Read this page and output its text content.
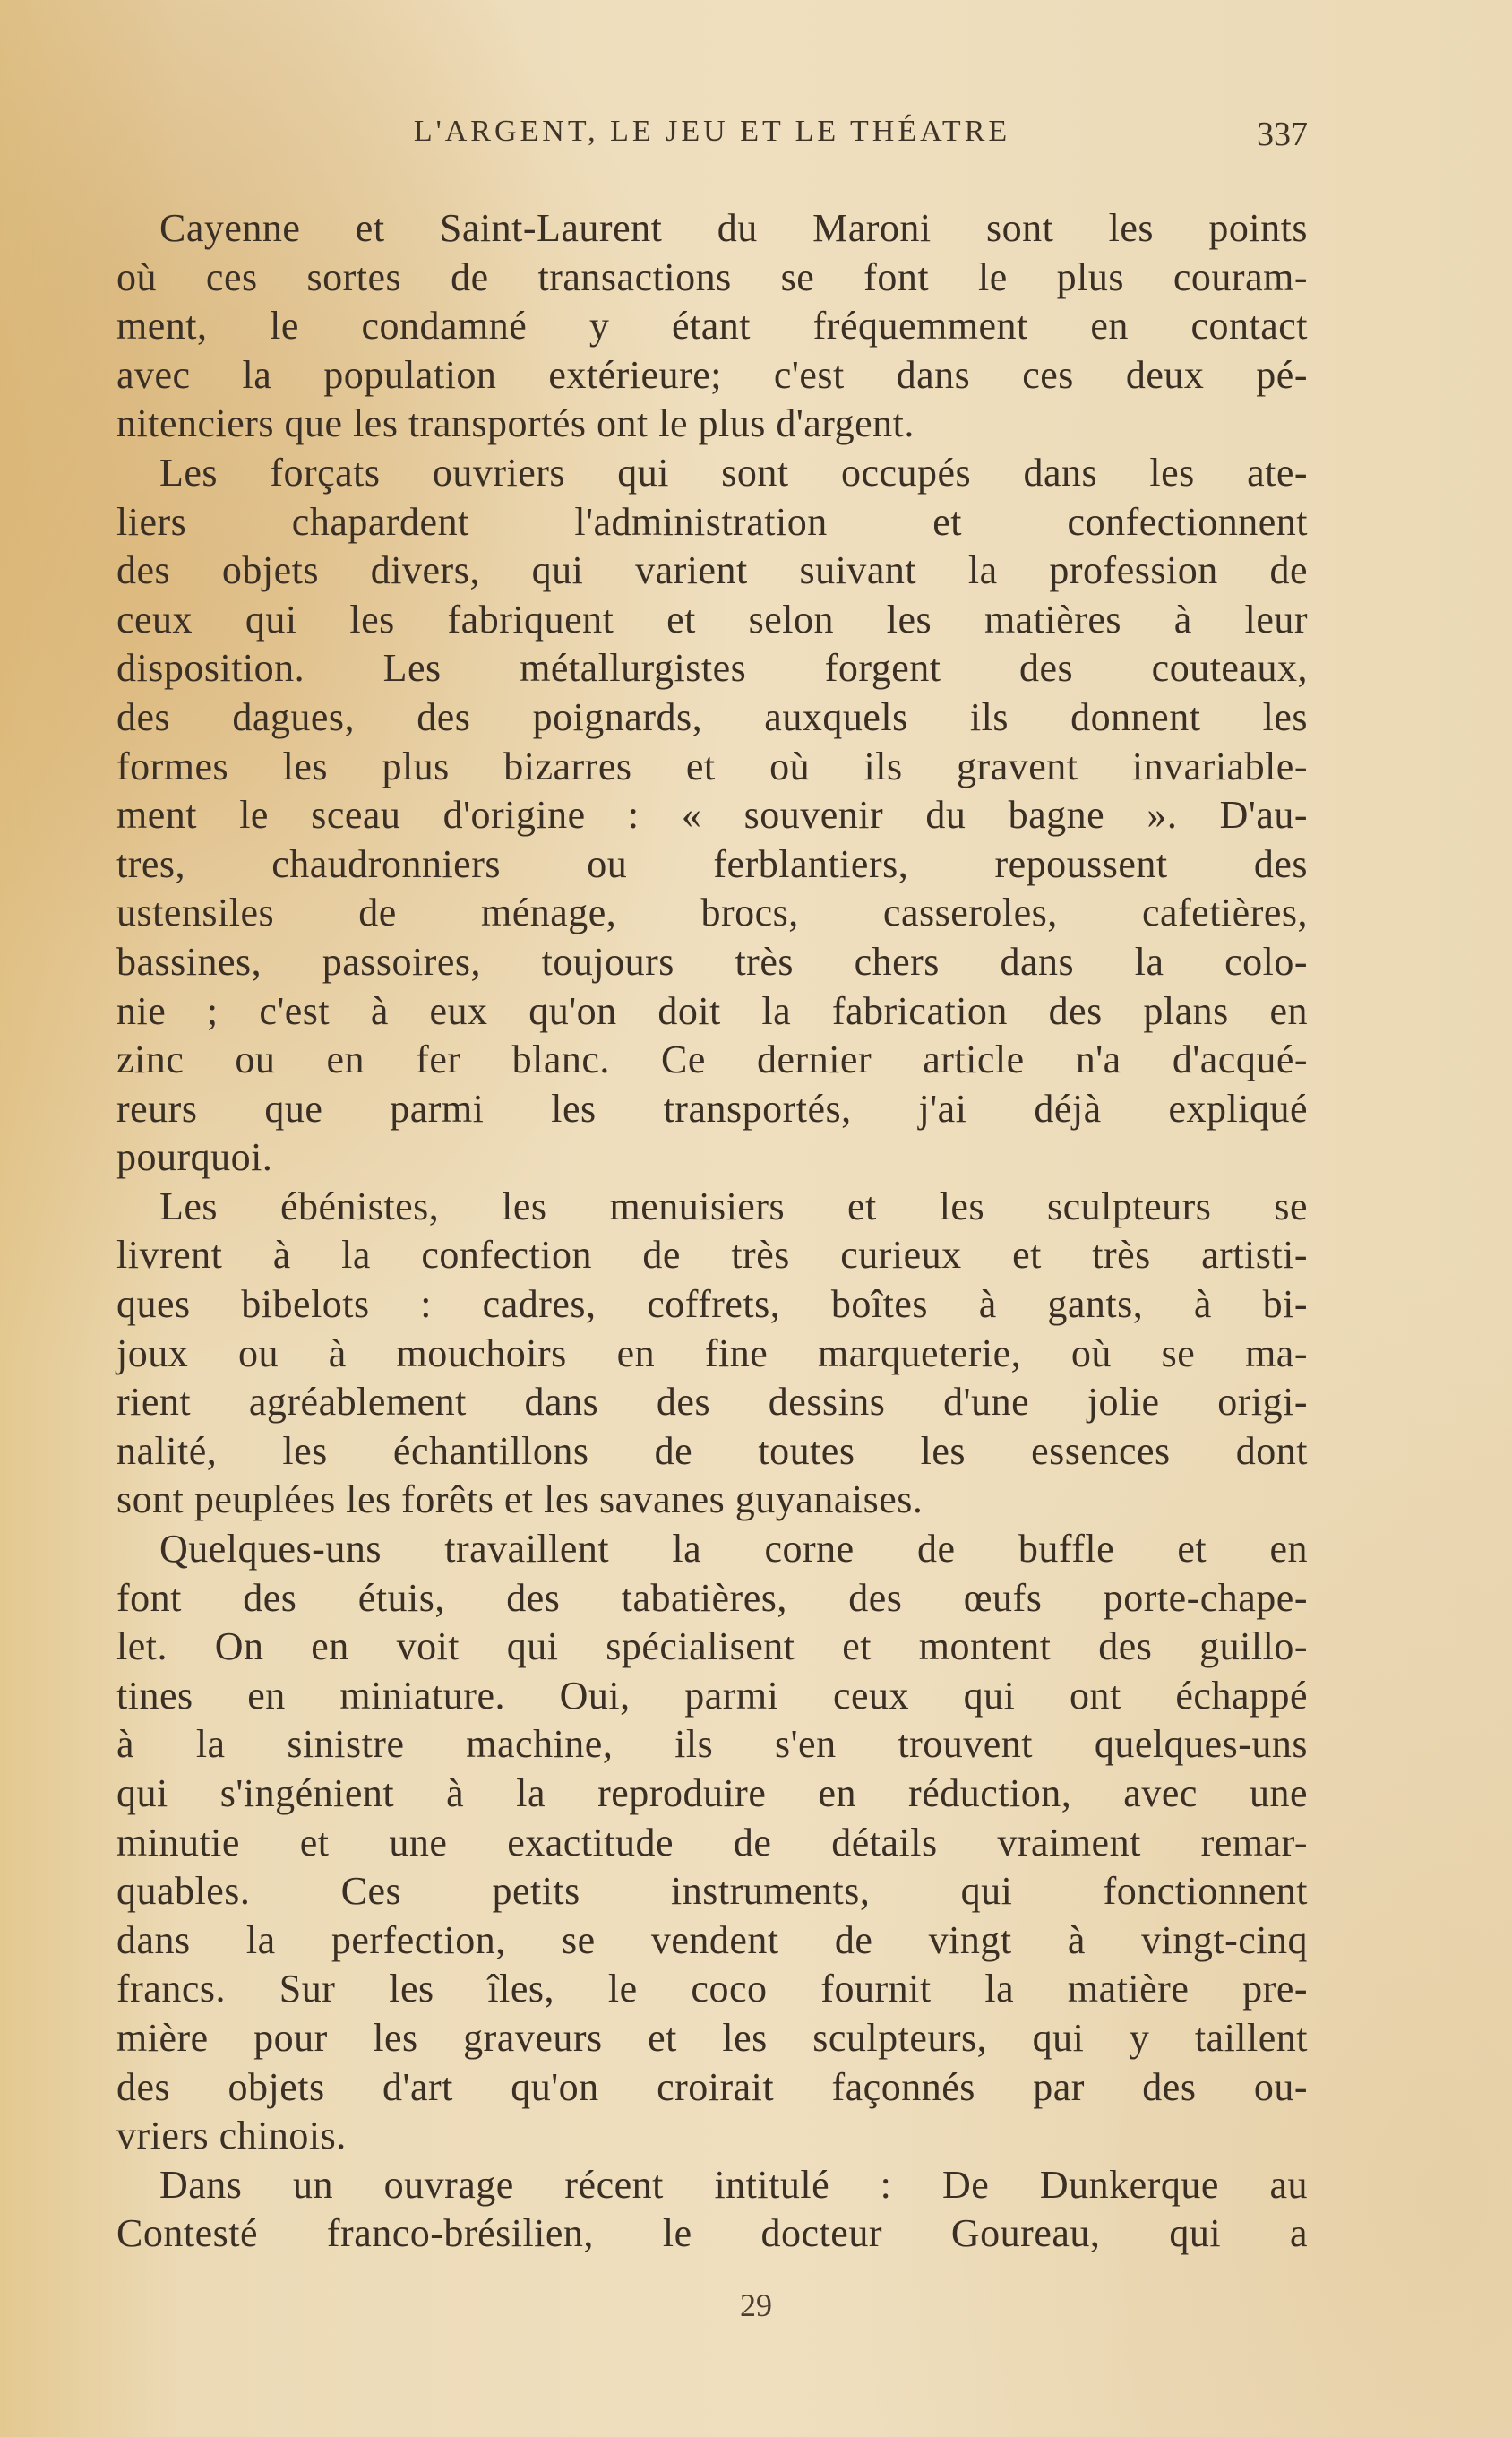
L'ARGENT, LE JEU ET LE THÉATRE	337
Cayenne et Saint-Laurent du Maroni sont les points
où ces sortes de transactions se font le plus couram-
ment, le condamné y étant fréquemment en contact
avec la population extérieure; c'est dans ces deux pé-
nitenciers que les transportés ont le plus d'argent.
Les forçats ouvriers qui sont occupés dans les ate-
liers chapardent l'administration et confectionnent
des objets divers, qui varient suivant la profession de
ceux qui les fabriquent et selon les matières à leur
disposition. Les métallurgistes forgent des couteaux,
des dagues, des poignards, auxquels ils donnent les
formes les plus bizarres et où ils gravent invariable-
ment le sceau d'origine : « souvenir du bagne ». D'au-
tres, chaudronniers ou ferblantiers, repoussent des
ustensiles de ménage, brocs, casseroles, cafetières,
bassines, passoires, toujours très chers dans la colo-
nie ; c'est à eux qu'on doit la fabrication des plans en
zinc ou en fer blanc. Ce dernier article n'a d'acqué-
reurs que parmi les transportés, j'ai déjà expliqué
pourquoi.
Les ébénistes, les menuisiers et les sculpteurs se
livrent à la confection de très curieux et très artisti-
ques bibelots : cadres, coffrets, boîtes à gants, à bi-
joux ou à mouchoirs en fine marqueterie, où se ma-
rient agréablement dans des dessins d'une jolie origi-
nalité, les échantillons de toutes les essences dont
sont peuplées les forêts et les savanes guyanaises.
Quelques-uns travaillent la corne de buffle et en
font des étuis, des tabatières, des œufs porte-chape-
let. On en voit qui spécialisent et montent des guillo-
tines en miniature. Oui, parmi ceux qui ont échappé
à la sinistre machine, ils s'en trouvent quelques-uns
qui s'ingénient à la reproduire en réduction, avec une
minutie et une exactitude de détails vraiment remar-
quables. Ces petits instruments, qui fonctionnent
dans la perfection, se vendent de vingt à vingt-cinq
francs. Sur les îles, le coco fournit la matière pre-
mière pour les graveurs et les sculpteurs, qui y taillent
des objets d'art qu'on croirait façonnés par des ou-
vriers chinois.
Dans un ouvrage récent intitulé : De Dunkerque au
Contesté franco-brésilien, le docteur Goureau, qui a
29
